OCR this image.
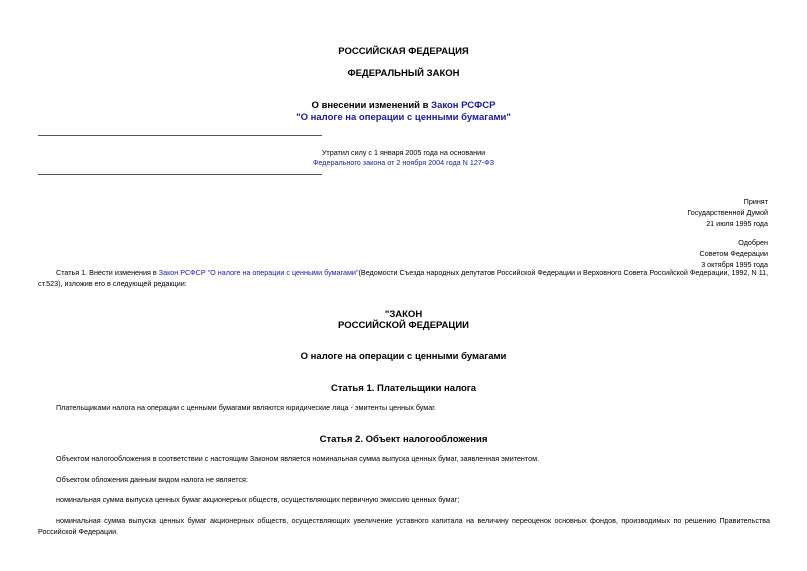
РОССИЙСКАЯ ФЕДЕРАЦИЯ
ФЕДЕРАЛЬНЫЙ ЗАКОН
О внесении изменений в Закон РСФСР
"О налоге на операции с ценными бумагами"
Утратил силу с 1 января 2005 года на основании
Федерального закона от 2 ноября 2004 года N 127-ФЗ
Принят
Государственной Думой
21 июля 1995 года
Одобрен
Советом Федерации
3 октября 1995 года
Статья 1. Внести изменения в Закон РСФСР "О налоге на операции с ценными бумагами"(Ведомости Съезда народных депутатов Российской Федерации и Верховного Совета Российской Федерации, 1992, N 11, ст.523), изложив его в следующей редакции:
"ЗАКОН
РОССИЙСКОЙ ФЕДЕРАЦИИ
О налоге на операции с ценными бумагами
Статья 1. Плательщики налога
Плательщиками налога на операции с ценными бумагами являются юридические лица - эмитенты ценных бумаг.
Статья 2. Объект налогообложения
Объектом налогообложения в соответствии с настоящим Законом является номинальная сумма выпуска ценных бумаг, заявленная эмитентом.
Объектом обложения данным видом налога не является:
номинальная сумма выпуска ценных бумаг акционерных обществ, осуществляющих первичную эмиссию ценных бумаг;
номинальная сумма выпуска ценных бумаг акционерных обществ, осуществляющих увеличение уставного капитала на величину переоценок основных фондов, производимых по решению Правительства Российской Федерации.
